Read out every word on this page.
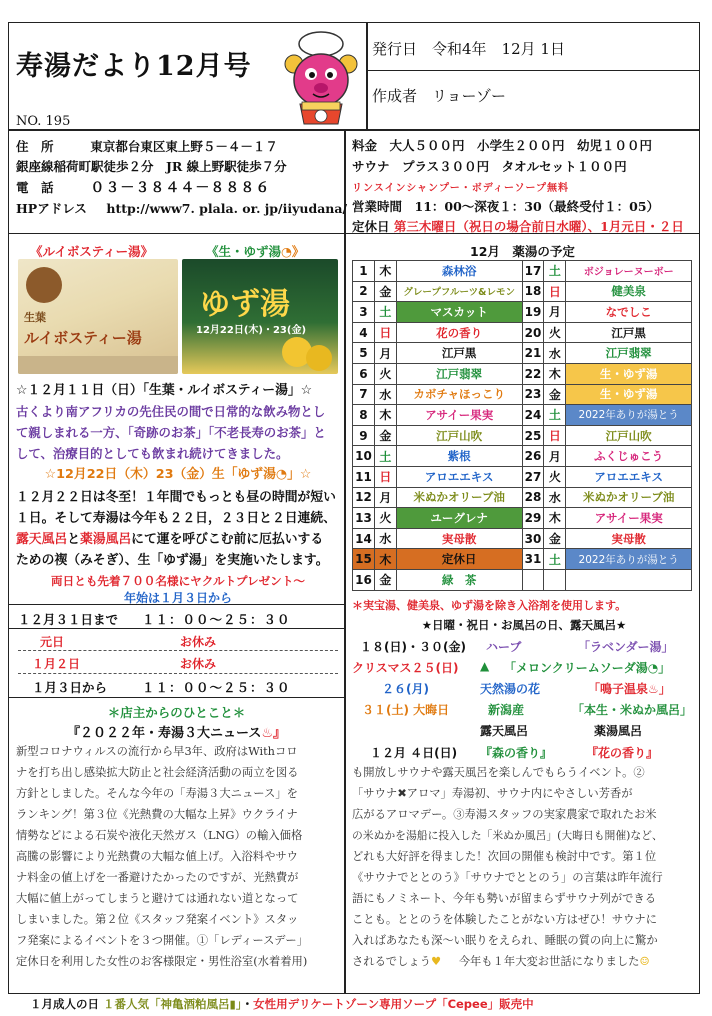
寿湯だより12月号
NO. 195
発行日　令和4年　12月 1日
作成者　リョーゾー
住　所	東京都台東区東上野５－４－１７
銀座線稲荷町駅徒歩２分　JR 線上野駅徒歩７分
電　話	０３－３８４４－８８８６
HPアドレス http://www7. plala. or. jp/iiyudana/
料金　大人５００円　小学生２００円　幼児１００円
サウナ　プラス３００円　タオルセット１００円
リンスインシャンプー・ボディーソープ無料
営業時間　11：00～深夜１：30（最終受付１：05）
定休日 第三木曜日（祝日の場合前日水曜）、1月元日・２日
《ルイボスティー湯》	《生・ゆず湯◔》
生葉
ルイボスティー湯
ゆず湯
12月22日(木)・23(金)
☆１２月１１日（日）「生葉・ルイボスティー湯」☆
古くより南アフリカの先住民の間で日常的な飲み物とし
て親しまれる一方、「奇跡のお茶」「不老長寿のお茶」と
して、治療目的としても飲まれ続けてきました。
☆12月22日（木）23（金）生「ゆず湯◔」☆
１２月２２日は冬至！１年間でもっとも昼の時間が短い
１日。そして寿湯は今年も２２日，２３日と２日連続、
露天風呂と薬湯風呂にて運を呼びこむ前に厄払いする
ための禊（みそぎ）、生「ゆず湯」を実施いたします。
両日とも先着７００名様にヤクルトプレゼント～
年始は１月３日から
１２月３１日まで １１：００～２５：３０
元日	お休み
１月２日	お休み
１月３日から	１１：００～２５：３０
＊店主からのひとこと＊
『２０２２年・寿湯３大ニュース♨』
新型コロナウィルスの流行から早3年、政府はWithコロ
ナを打ち出し感染拡大防止と社会経済活動の両立を図る
方針としました。そんな今年の「寿湯３大ニュース」を
ランキング！第３位《光熱費の大幅な上昇》ウクライナ
情勢などによる石炭や液化天然ガス（LNG）の輸入価格
高騰の影響により光熱費の大幅な値上げ。入浴料やサウ
ナ料金の値上げを一番避けたかったのですが、光熱費が
大幅に値上がってしまうと避けては通れない道となって
しまいました。第２位《スタッフ発案イベント》スタッ
フ発案によるイベントを３つ開催。①「レディースデー」
定休日を利用した女性のお客様限定・男性浴室(水着着用)
12月　薬湯の予定
1	木	森林浴	17	土	ボジョレーヌーボー
2	金	グレープフルーツ&レモン	18	日	健美泉
3	土	マスカット	19	月	なでしこ
4	日	花の香り	20	火	江戸黒
5	月	江戸黒	21	水	江戸翡翠
6	火	江戸翡翠	22	木	生・ゆず湯
7	水	カボチャほっこり	23	金	生・ゆず湯
8	木	アサイー果実	24	土	2022年ありが湯とう
9	金	江戸山吹	25	日	江戸山吹
10	土	紫根	26	月	ふくじゅこう
11	日	アロエエキス	27	火	アロエエキス
12	月	米ぬかオリーブ油	28	水	米ぬかオリーブ油
13	火	ユーグレナ	29	木	アサイー果実
14	水	実母散	30	金	実母散
15	木	定休日	31	土	2022年ありが湯とう
16	金	緑　茶			
＊実宝湯、健美泉、ゆず湯を除き入浴剤を使用します。
★日曜・祝日・お風呂の日、露天風呂★
１８(日)・３０(金) ハーブ	「ラベンダー湯」
クリスマス２５(日) ▲ 「メロンクリームソーダ湯◔」
２６(月)	天然湯の花	「鳴子温泉♨」
３１(土) 大晦日	新潟産	「本生・米ぬか風呂」
露天風呂	薬湯風呂
１２月 ４日(日) 『森の香り』	『花の香り』
も開放しサウナや露天風呂を楽しんでもらうイベント。②
「サウナ✖アロマ」寿湯初、サウナ内にやさしい芳香が
広がるアロマデー。③寿湯スタッフの実家農家で取れたお米
の米ぬかを湯船に投入した「米ぬか風呂」(大晦日も開催)など、
どれも大好評を得ました！次回の開催も検討中です。第１位
《サウナでととのう》「サウナでととのう」の言葉は昨年流行
語にもノミネート、今年も勢いが留まらずサウナ列ができる
ことも。ととのうを体験したことがない方はぜひ！サウナに
入ればあなたも深～い眠りをえられ、睡眠の質の向上に驚か
されるでしょう♥ 今年も１年大変お世話になりました☺
１月成人の日 １番人気「神亀酒粕風呂▮」・女性用デリケートゾーン専用ソープ「Cepee」販売中
